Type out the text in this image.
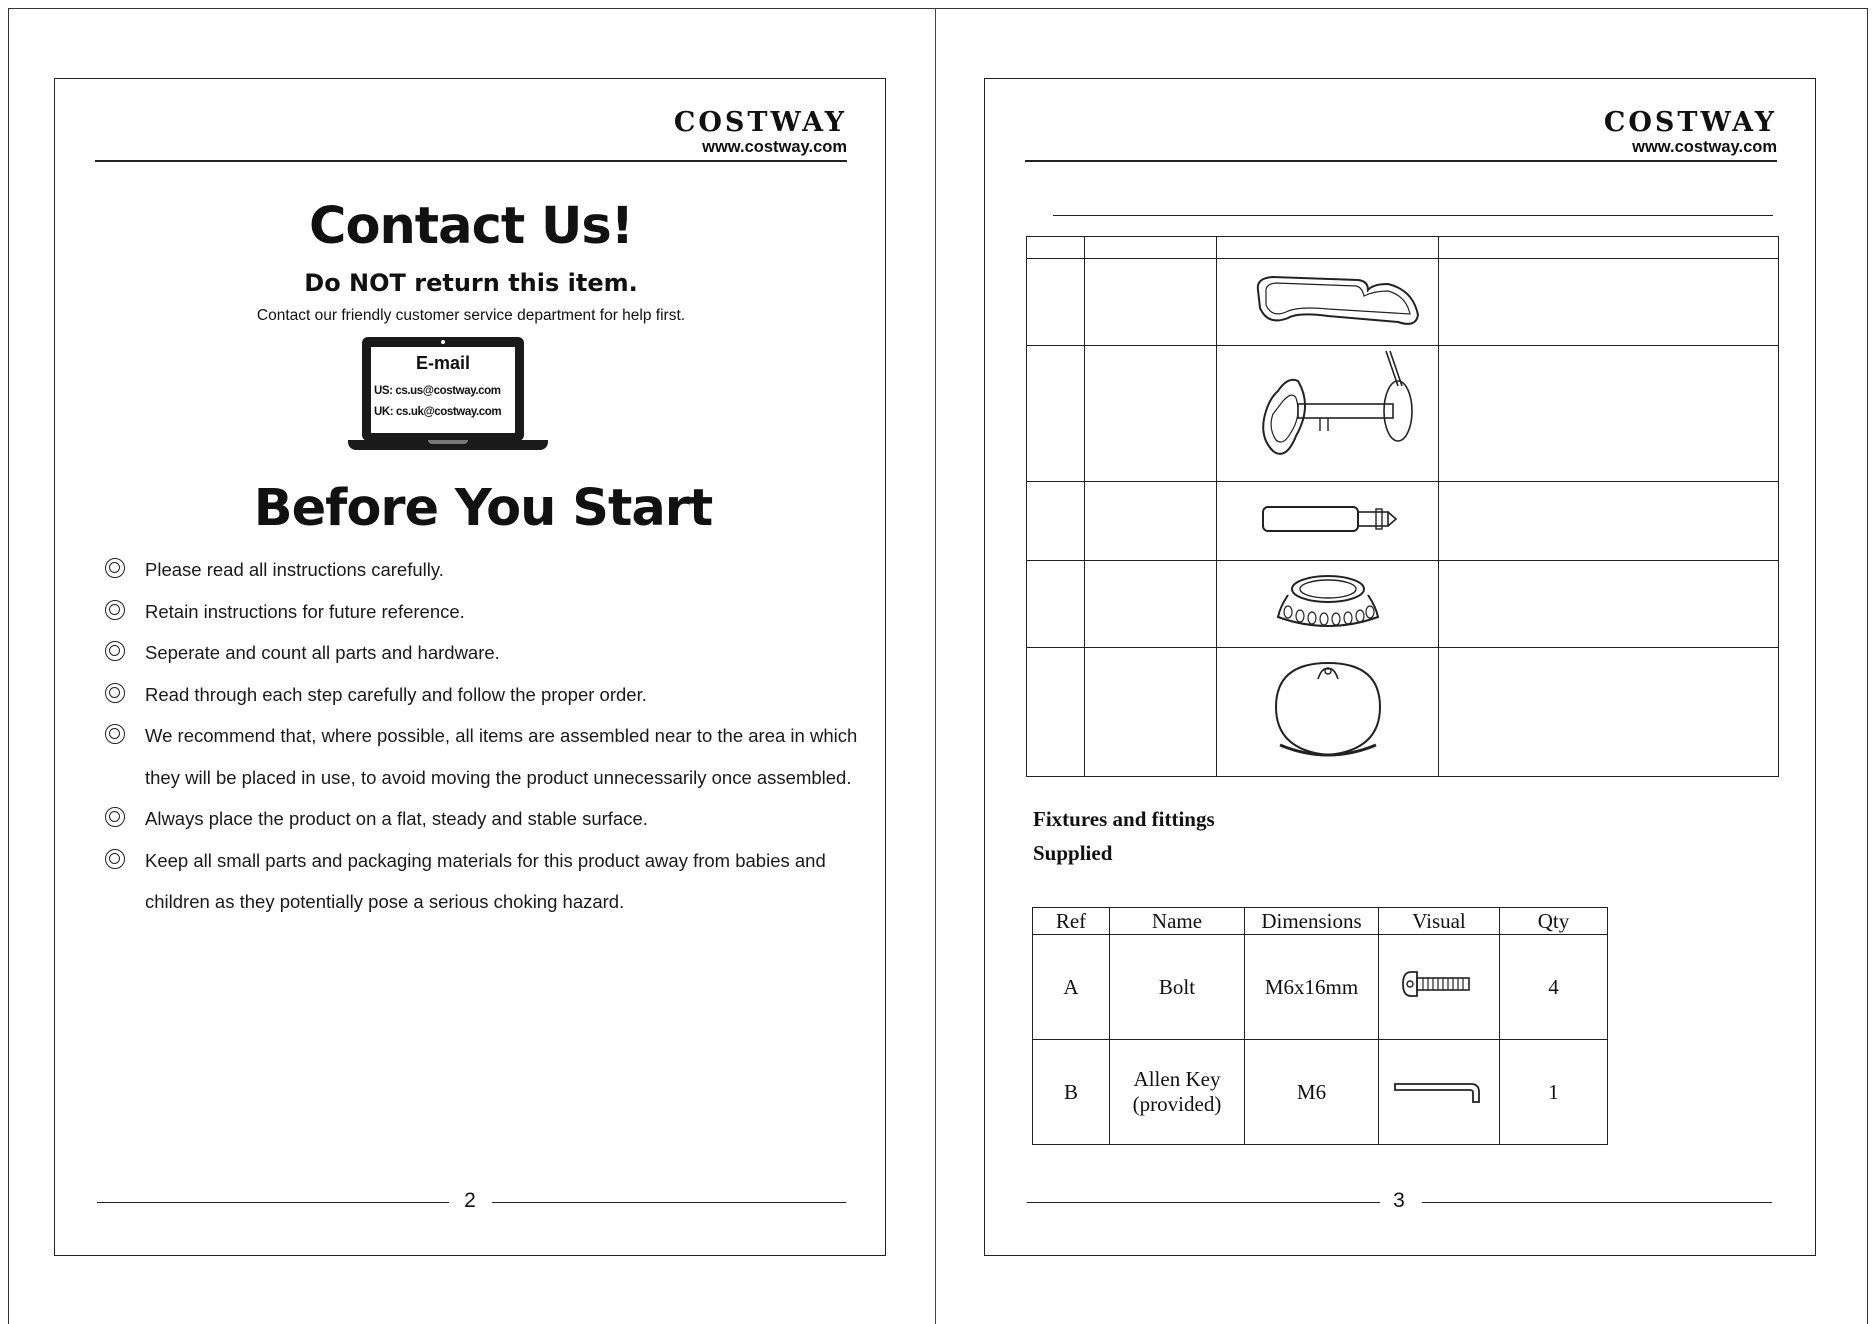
COSTWAY
www.costway.com
Contact Us!
Do NOT return this item.
Contact our friendly customer service department for help first.
E-mail
US: cs.us@costway.com
UK: cs.uk@costway.com
Before You Start
Please read all instructions carefully.
Retain instructions for future reference.
Seperate and count all parts and hardware.
Read through each step carefully and follow the proper order.
We recommend that, where possible, all items are assembled near to the area in which they will be placed in use, to avoid moving the product unnecessarily once assembled.
Always place the product on a flat, steady and stable surface.
Keep all small parts and packaging materials for this product away from babies and children as they potentially pose a serious choking hazard.
2
COSTWAY
www.costway.com

Fixtures and fittings
Supplied
Ref	Name	Dimensions	Visual	Qty
A	Bolt	M6x16mm		4
B	Allen Key (provided)	M6		1
3
